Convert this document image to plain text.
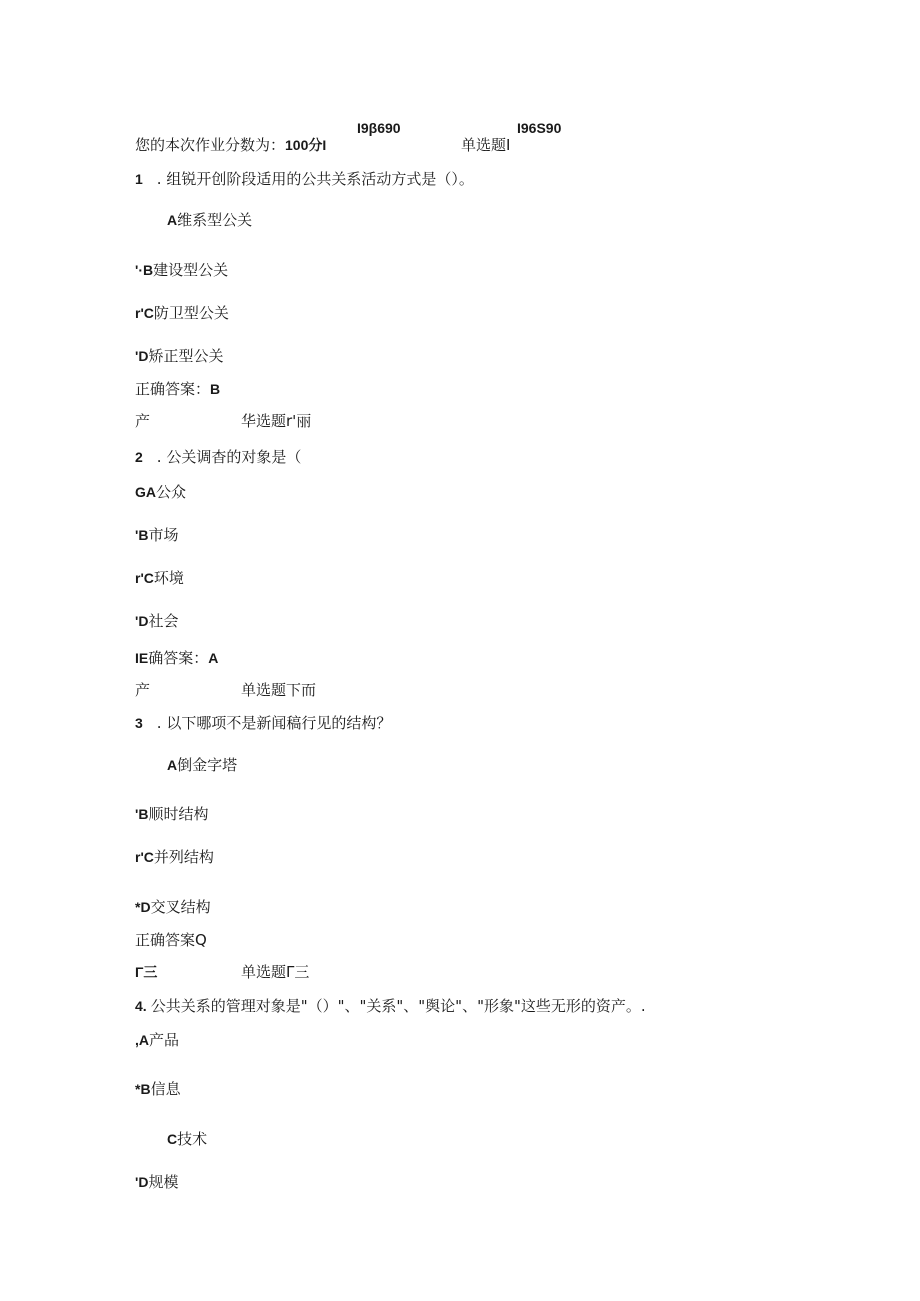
I9β690	I96S90
您的本次作业分数为：100分I	单选题I
1 . 组锐开创阶段适用的公共关系活动方式是（）。
A维系型公关
'·B建设型公关
r'C防卫型公关
'D矫正型公关
正确答案：B
产	华选题r'丽
2 . 公关调杳的对象是（
GA公众
'B市场
r'C环境
'D社会
IE确答案：A
产	单选题下而
3 . 以下哪项不是新闻稿行见的结构？
A倒金字塔
'B顺时结构
r'C并列结构
*D交叉结构
正确答案Q
Γ三	单选题Γ三
4. 公共关系的管理对象是"（）"、"关系"、"舆论"、"形象"这些无形的资产。.
,A产品
*B信息
C技术
'D规模
